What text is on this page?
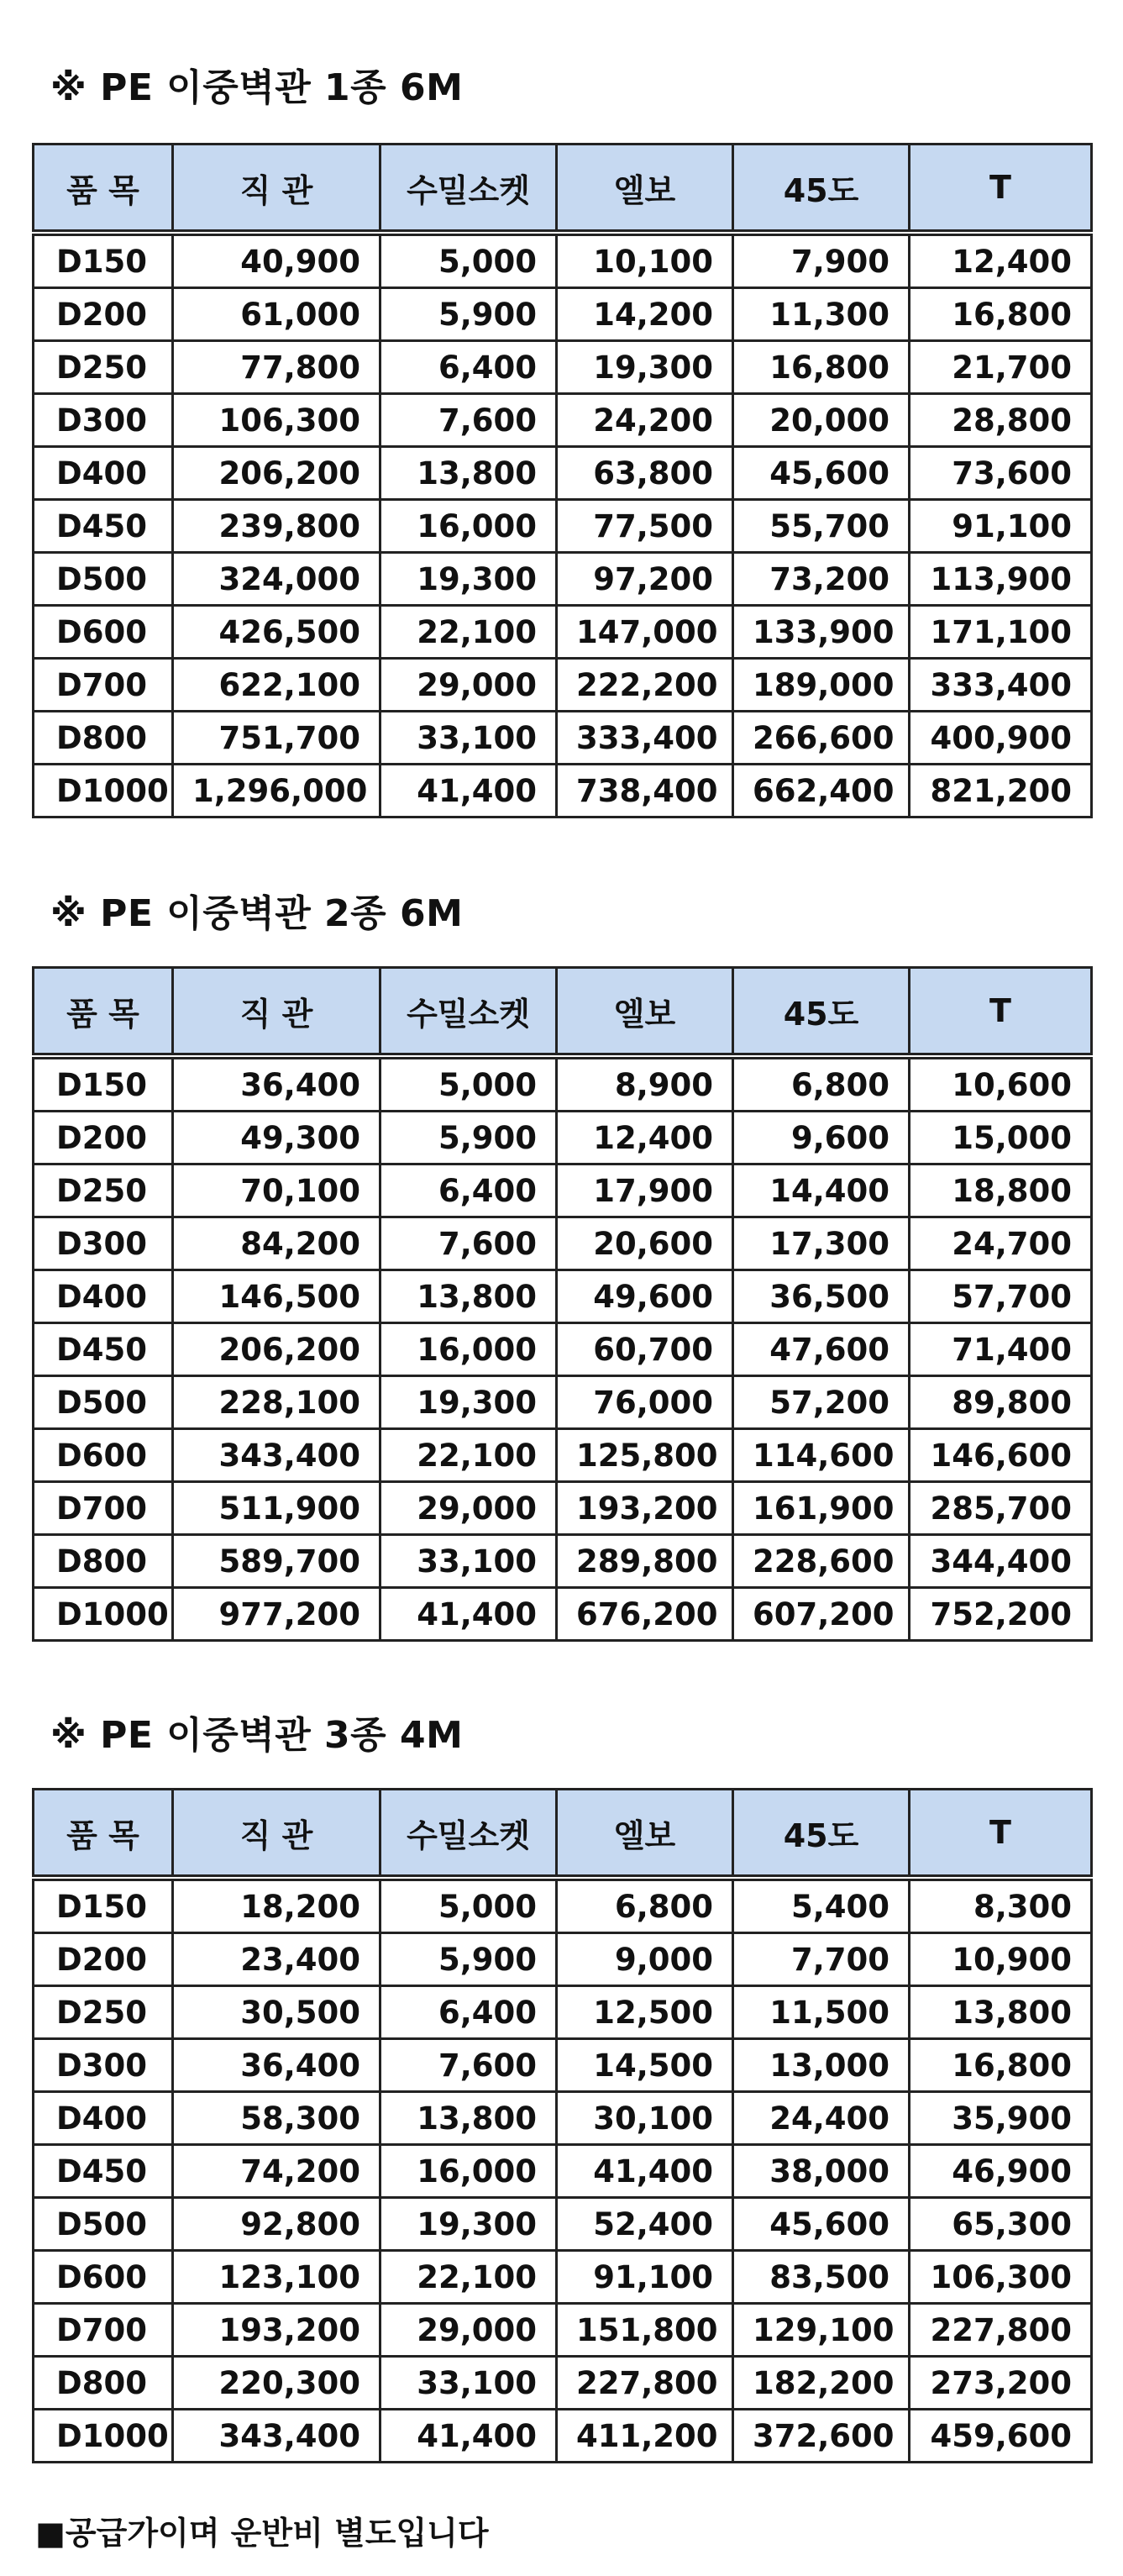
※ PE 이중벽관 1종 6M
품 목	직 관	수밀소켓	엘보	45도	T
D150	40,900	5,000	10,100	7,900	12,400
D200	61,000	5,900	14,200	11,300	16,800
D250	77,800	6,400	19,300	16,800	21,700
D300	106,300	7,600	24,200	20,000	28,800
D400	206,200	13,800	63,800	45,600	73,600
D450	239,800	16,000	77,500	55,700	91,100
D500	324,000	19,300	97,200	73,200	113,900
D600	426,500	22,100	147,000	133,900	171,100
D700	622,100	29,000	222,200	189,000	333,400
D800	751,700	33,100	333,400	266,600	400,900
D1000	1,296,000	41,400	738,400	662,400	821,200
※ PE 이중벽관 2종 6M
품 목	직 관	수밀소켓	엘보	45도	T
D150	36,400	5,000	8,900	6,800	10,600
D200	49,300	5,900	12,400	9,600	15,000
D250	70,100	6,400	17,900	14,400	18,800
D300	84,200	7,600	20,600	17,300	24,700
D400	146,500	13,800	49,600	36,500	57,700
D450	206,200	16,000	60,700	47,600	71,400
D500	228,100	19,300	76,000	57,200	89,800
D600	343,400	22,100	125,800	114,600	146,600
D700	511,900	29,000	193,200	161,900	285,700
D800	589,700	33,100	289,800	228,600	344,400
D1000	977,200	41,400	676,200	607,200	752,200
※ PE 이중벽관 3종 4M
품 목	직 관	수밀소켓	엘보	45도	T
D150	18,200	5,000	6,800	5,400	8,300
D200	23,400	5,900	9,000	7,700	10,900
D250	30,500	6,400	12,500	11,500	13,800
D300	36,400	7,600	14,500	13,000	16,800
D400	58,300	13,800	30,100	24,400	35,900
D450	74,200	16,000	41,400	38,000	46,900
D500	92,800	19,300	52,400	45,600	65,300
D600	123,100	22,100	91,100	83,500	106,300
D700	193,200	29,000	151,800	129,100	227,800
D800	220,300	33,100	227,800	182,200	273,200
D1000	343,400	41,400	411,200	372,600	459,600
■공급가이며 운반비 별도입니다
